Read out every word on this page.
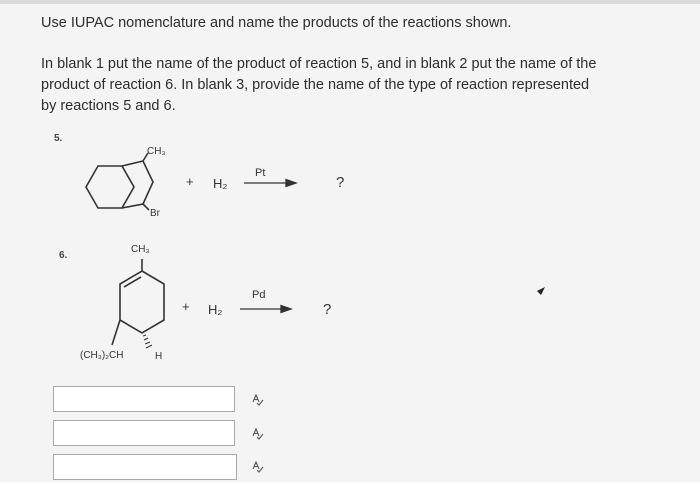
Use IUPAC nomenclature and name the products of the reactions shown.
In blank 1 put the name of the product of reaction 5, and in blank 2 put the name of the product of reaction 6. In blank 3, provide the name of the type of reaction represented by reactions 5 and 6.
5.
CH₃
Br
+ H₂
Pt
?
6.
CH₃
(CH₃)₂CH	H
+ H₂
Pd
?
